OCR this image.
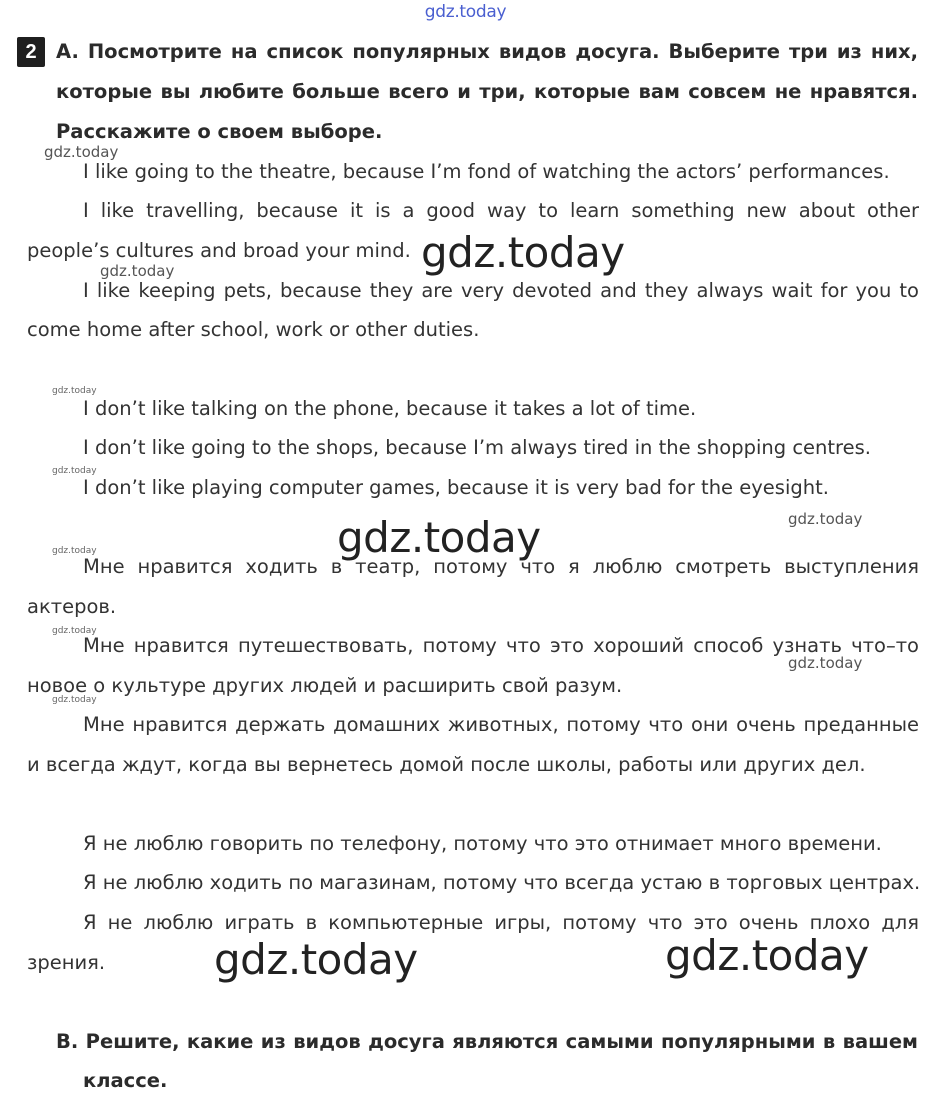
gdz.today
2 A. Посмотрите на список популярных видов досуга. Выберите три из них,
которые вы любите больше всего и три, которые вам совсем не нравятся.
Расскажите о своем выборе.
I like going to the theatre, because I’m fond of watching the actors’ performances.
I like travelling, because it is a good way to learn something new about other
people’s cultures and broad your mind.
I like keeping pets, because they are very devoted and they always wait for you to
come home after school, work or other duties.
I don’t like talking on the phone, because it takes a lot of time.
I don’t like going to the shops, because I’m always tired in the shopping centres.
I don’t like playing computer games, because it is very bad for the eyesight.
Мне нравится ходить в театр, потому что я люблю смотреть выступления
актеров.
Мне нравится путешествовать, потому что это хороший способ узнать что–то
новое о культуре других людей и расширить свой разум.
Мне нравится держать домашних животных, потому что они очень преданные
и всегда ждут, когда вы вернетесь домой после школы, работы или других дел.
Я не люблю говорить по телефону, потому что это отнимает много времени.
Я не люблю ходить по магазинам, потому что всегда устаю в торговых центрах.
Я не люблю играть в компьютерные игры, потому что это очень плохо для
зрения.
B. Решите, какие из видов досуга являются самыми популярными в вашем
классе.
gdz.today
gdz.today
gdz.today
gdz.today
gdz.today
gdz.today
gdz.today
gdz.today
gdz.today
gdz.today
gdz.today
gdz.today	gdz.today
